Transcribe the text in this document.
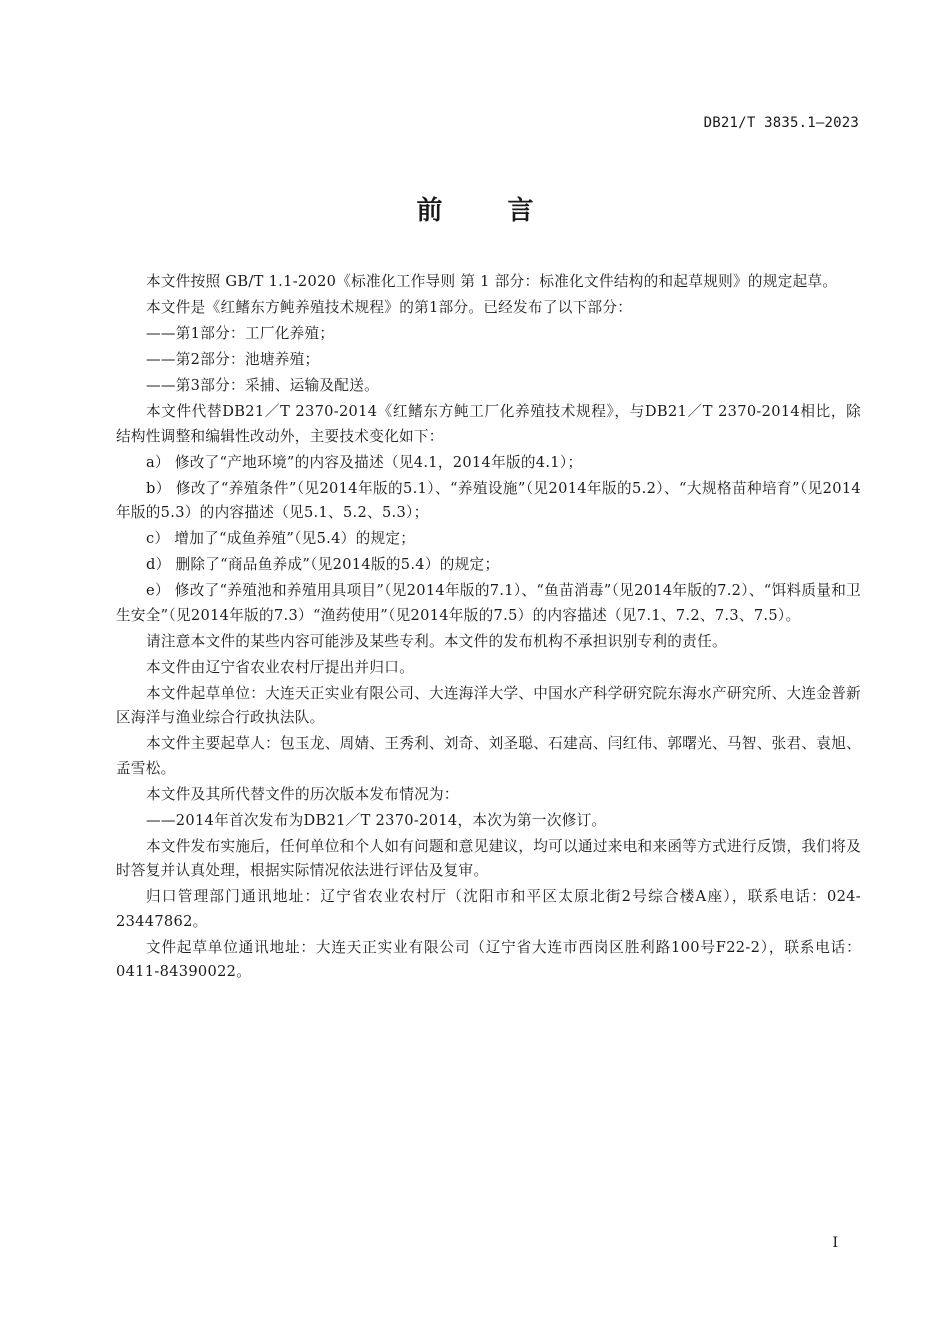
DB21/T 3835.1—2023
前 言

本文件按照 GB/T 1.1-2020《标准化工作导则 第 1 部分：标准化文件结构的和起草规则》的规定起草。

本文件是《红鳍东方鲀养殖技术规程》的第1部分。已经发布了以下部分：

——第1部分：工厂化养殖；

——第2部分：池塘养殖；

——第3部分：采捕、运输及配送。

本文件代替DB21／T 2370-2014《红鳍东方鲀工厂化养殖技术规程》，与DB21／T 2370-2014相比，除结构性调整和编辑性改动外，主要技术变化如下：

a） 修改了“产地环境”的内容及描述（见4.1，2014年版的4.1）；

b） 修改了“养殖条件”（见2014年版的5.1）、“养殖设施”（见2014年版的5.2）、“大规格苗种培育”（见2014年版的5.3）的内容描述（见5.1、5.2、5.3）；

c） 增加了“成鱼养殖”（见5.4）的规定；

d） 删除了“商品鱼养成”（见2014版的5.4）的规定；

e） 修改了“养殖池和养殖用具项目”（见2014年版的7.1）、“鱼苗消毒”（见2014年版的7.2）、“饵料质量和卫生安全”（见2014年版的7.3）“渔药使用”（见2014年版的7.5）的内容描述（见7.1、7.2、7.3、7.5）。

请注意本文件的某些内容可能涉及某些专利。本文件的发布机构不承担识别专利的责任。

本文件由辽宁省农业农村厅提出并归口。

本文件起草单位：大连天正实业有限公司、大连海洋大学、中国水产科学研究院东海水产研究所、大连金普新区海洋与渔业综合行政执法队。

本文件主要起草人：包玉龙、周婧、王秀利、刘奇、刘圣聪、石建高、闫红伟、郭曙光、马智、张君、袁旭、孟雪松。

本文件及其所代替文件的历次版本发布情况为：

——2014年首次发布为DB21／T 2370-2014，本次为第一次修订。

本文件发布实施后，任何单位和个人如有问题和意见建议，均可以通过来电和来函等方式进行反馈，我们将及时答复并认真处理，根据实际情况依法进行评估及复审。

归口管理部门通讯地址：辽宁省农业农村厅（沈阳市和平区太原北街2号综合楼A座），联系电话：024-23447862。

文件起草单位通讯地址：大连天正实业有限公司（辽宁省大连市西岗区胜利路100号F22-2），联系电话：0411-84390022。

I
